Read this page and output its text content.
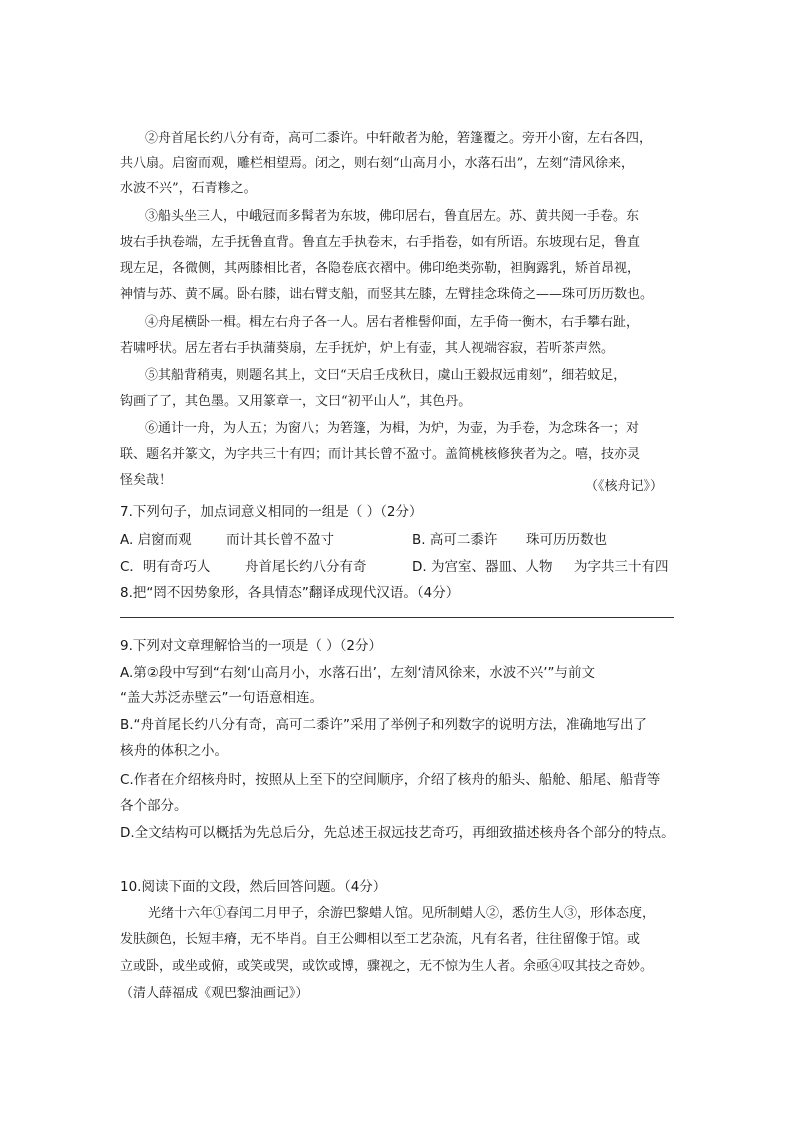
②舟首尾长约八分有奇，高可二黍许。中轩敞者为舱，箬篷覆之。旁开小窗，左右各四，
共八扇。启窗而观，雕栏相望焉。闭之，则右刻“山高月小，水落石出”，左刻“清风徐来，
水波不兴”，石青糁之。
③船头坐三人，中峨冠而多髯者为东坡，佛印居右，鲁直居左。苏、黄共阅一手卷。东
坡右手执卷端，左手抚鲁直背。鲁直左手执卷末，右手指卷，如有所语。东坡现右足，鲁直
现左足，各微侧，其两膝相比者，各隐卷底衣褶中。佛印绝类弥勒，袒胸露乳，矫首昂视，
神情与苏、黄不属。卧右膝，诎右臂支船，而竖其左膝，左臂挂念珠倚之——珠可历历数也。
④舟尾横卧一楫。楫左右舟子各一人。居右者椎髻仰面，左手倚一衡木，右手攀右趾，
若啸呼状。居左者右手执蒲葵扇，左手抚炉，炉上有壶，其人视端容寂，若听茶声然。
⑤其船背稍夷，则题名其上，文曰“天启壬戌秋日，虞山王毅叔远甫刻”，细若蚊足，
钩画了了，其色墨。又用篆章一，文曰“初平山人”，其色丹。
⑥通计一舟，为人五；为窗八；为箬篷，为楫，为炉，为壶，为手卷，为念珠各一；对
联、题名并篆文，为字共三十有四；而计其长曾不盈寸。盖简桃核修狭者为之。嘻，技亦灵
怪矣哉！	（《核舟记》）
7.下列句子，加点词意义相同的一组是（ ）（2分）
A. 启窗而观	而计其长曾不盈寸	B. 高可二黍许 珠可历历数也
C．明有奇巧人	舟首尾长约八分有奇	D. 为宫室、器皿、人物 为字共三十有四
8.把“罔不因势象形，各具情态”翻译成现代汉语。（4分）
9.下列对文章理解恰当的一项是（ ）（2分）
A.第②段中写到“右刻‘山高月小，水落石出’，左刻‘清风徐来，水波不兴’”与前文
“盖大苏泛赤壁云”一句语意相连。
B.“舟首尾长约八分有奇，高可二黍许”采用了举例子和列数字的说明方法，准确地写出了
核舟的体积之小。
C.作者在介绍核舟时，按照从上至下的空间顺序，介绍了核舟的船头、船舱、船尾、船背等
各个部分。
D.全文结构可以概括为先总后分，先总述王叔远技艺奇巧，再细致描述核舟各个部分的特点。
10.阅读下面的文段，然后回答问题。（4分）
光绪十六年①春闰二月甲子，余游巴黎蜡人馆。见所制蜡人②，悉仿生人③，形体态度，
发肤颜色，长短丰瘠，无不毕肖。自王公卿相以至工艺杂流，凡有名者，往往留像于馆。或
立或卧，或坐或俯，或笑或哭，或饮或博，骤视之，无不惊为生人者。余亟④叹其技之奇妙。
（清人薛福成《观巴黎油画记》）
